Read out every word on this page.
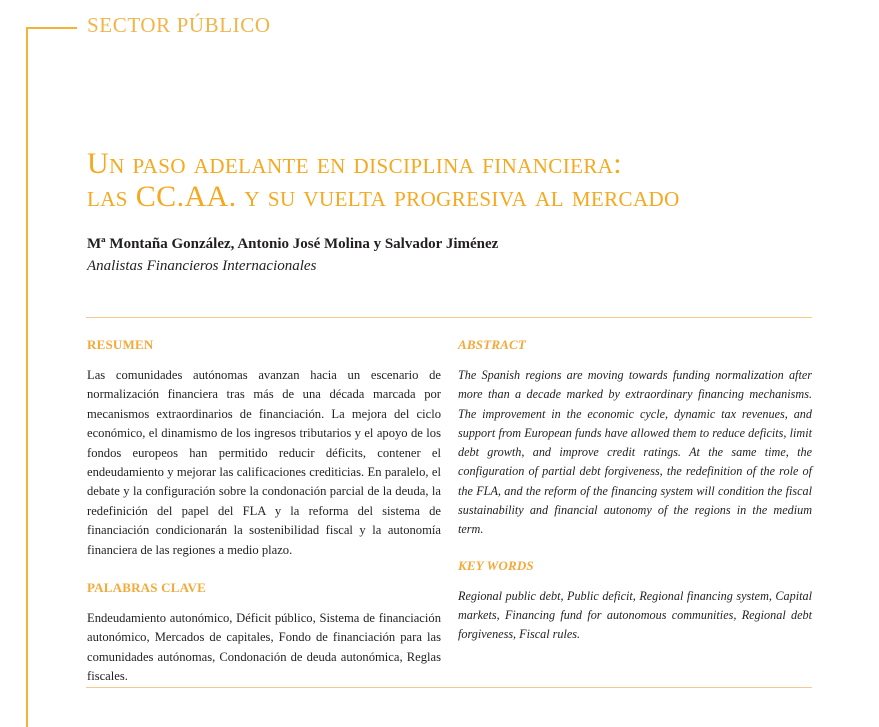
SECTOR PÚBLICO
Un paso adelante en disciplina financiera:
las CC.AA. y su vuelta progresiva al mercado
Mª Montaña González, Antonio José Molina y Salvador Jiménez
Analistas Financieros Internacionales
RESUMEN

Las comunidades autónomas avanzan hacia un escenario de normalización financiera tras más de una década marcada por mecanismos extraordinarios de financiación. La mejora del ciclo económico, el dinamismo de los ingresos tributarios y el apoyo de los fondos europeos han permitido reducir déficits, contener el endeudamiento y mejorar las calificaciones crediticias. En paralelo, el debate y la configuración sobre la condonación parcial de la deuda, la redefinición del papel del FLA y la reforma del sistema de financiación condicionarán la sostenibilidad fiscal y la autonomía financiera de las regiones a medio plazo.

PALABRAS CLAVE

Endeudamiento autonómico, Déficit público, Sistema de financiación autonómico, Mercados de capitales, Fondo de financiación para las comunidades autónomas, Condonación de deuda autonómica, Reglas fiscales.

ABSTRACT

The Spanish regions are moving towards funding normalization after more than a decade marked by extraordinary financing mechanisms. The improvement in the economic cycle, dynamic tax revenues, and support from European funds have allowed them to reduce deficits, limit debt growth, and improve credit ratings. At the same time, the configuration of partial debt forgiveness, the redefinition of the role of the FLA, and the reform of the financing system will condition the fiscal sustainability and financial autonomy of the regions in the medium term.

KEY WORDS

Regional public debt, Public deficit, Regional financing system, Capital markets, Financing fund for autonomous communities, Regional debt forgiveness, Fiscal rules.
